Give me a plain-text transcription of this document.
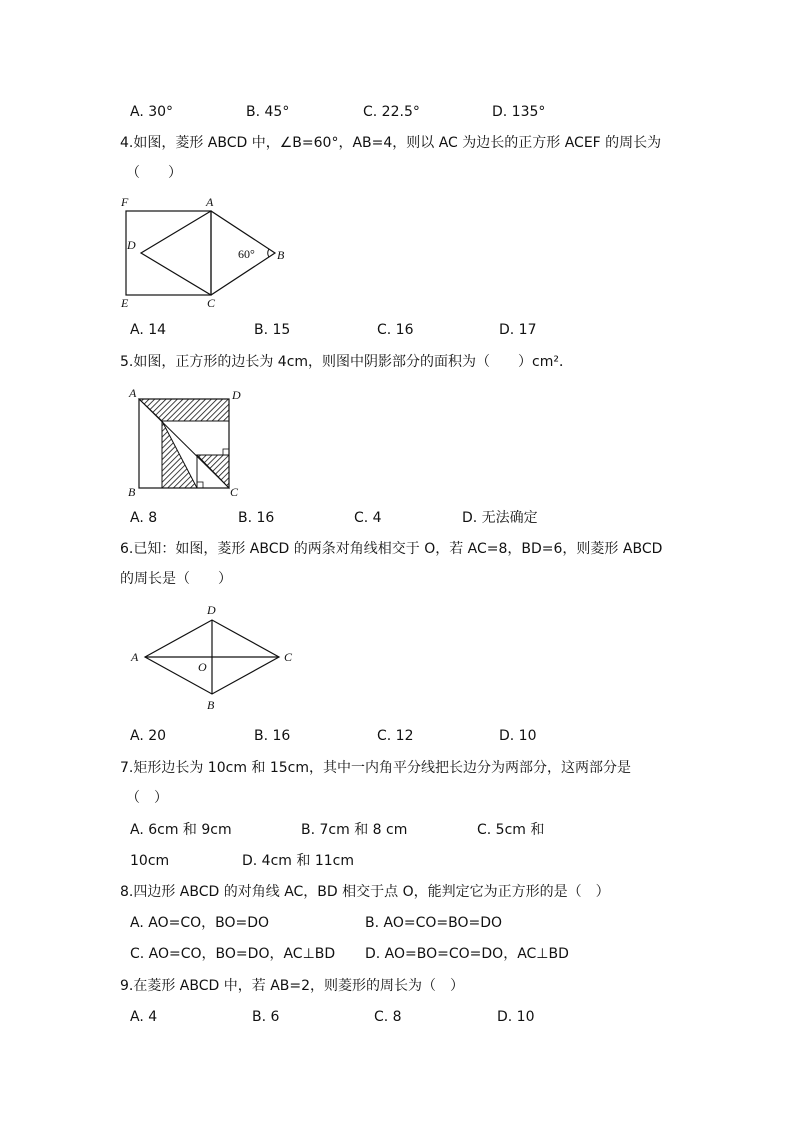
A. 30°	B. 45°	C. 22.5°	D. 135°
4.如图，菱形 ABCD 中，∠B=60°，AB=4，则以 AC 为边长的正方形 ACEF 的周长为
（　　）
F	A
D
B
E	C
60°
A. 14	B. 15	C. 16	D. 17
5.如图，正方形的边长为 4cm，则图中阴影部分的面积为（　　）cm²．
A	D
B	C
A. 8	B. 16	C. 4	D. 无法确定
6.已知：如图，菱形 ABCD 的两条对角线相交于 O，若 AC=8，BD=6，则菱形 ABCD
的周长是（　　）
D
A
O
C
B
A. 20	B. 16	C. 12	D. 10
7.矩形边长为 10cm 和 15cm，其中一内角平分线把长边分为两部分，这两部分是
（　）
A. 6cm 和 9cm	B. 7cm 和 8 cm	C. 5cm 和
10cm	D. 4cm 和 11cm
8.四边形 ABCD 的对角线 AC，BD 相交于点 O，能判定它为正方形的是（　）
A. AO=CO，BO=DO	B. AO=CO=BO=DO
C. AO=CO，BO=DO，AC⊥BD D. AO=BO=CO=DO，AC⊥BD
9.在菱形 ABCD 中，若 AB=2，则菱形的周长为（　）
A. 4	B. 6	C. 8	D. 10
